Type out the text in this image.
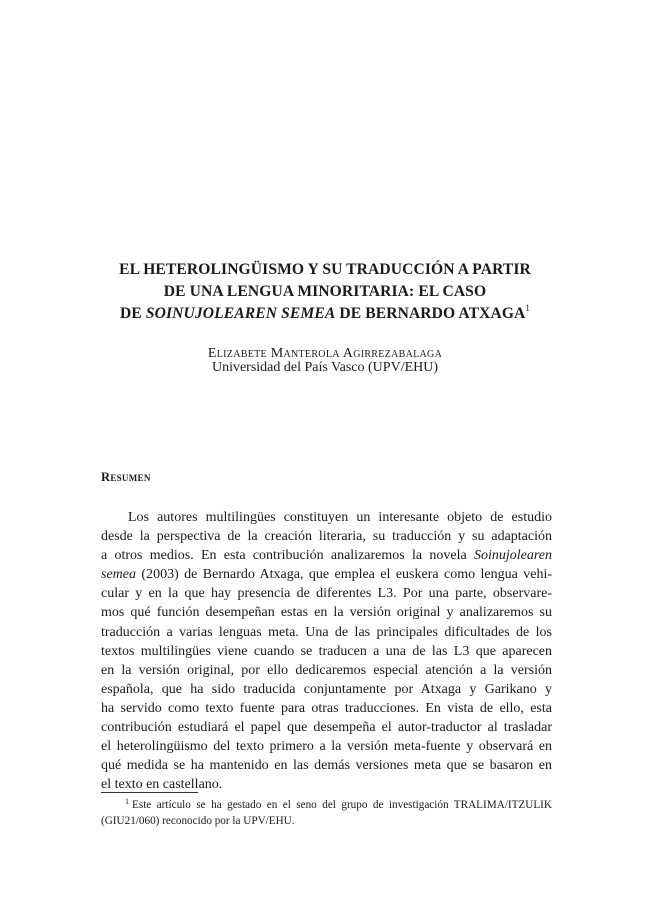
EL HETEROLINGÜISMO Y SU TRADUCCIÓN A PARTIR
DE UNA LENGUA MINORITARIA: EL CASO
DE SOINUJOLEAREN SEMEA DE BERNARDO ATXAGA$^1$
Elizabete Manterola Agirrezabalaga
Universidad del País Vasco (UPV/EHU)
Resumen
Los autores multilingües constituyen un interesante objeto de estudio
desde la perspectiva de la creación literaria, su traducción y su adaptación
a otros medios. En esta contribución analizaremos la novela Soinujolearen
semea (2003) de Bernardo Atxaga, que emplea el euskera como lengua vehi-
cular y en la que hay presencia de diferentes L3. Por una parte, observare-
mos qué función desempeñan estas en la versión original y analizaremos su
traducción a varias lenguas meta. Una de las principales dificultades de los
textos multilingües viene cuando se traducen a una de las L3 que aparecen
en la versión original, por ello dedicaremos especial atención a la versión
española, que ha sido traducida conjuntamente por Atxaga y Garikano y
ha servido como texto fuente para otras traducciones. En vista de ello, esta
contribución estudiará el papel que desempeña el autor-traductor al trasladar
el heterolingüismo del texto primero a la versión meta-fuente y observará en
qué medida se ha mantenido en las demás versiones meta que se basaron en
el texto en castellano.
$^1$ Este artículo se ha gestado en el seno del grupo de investigación TRALIMA/ITZULIK
(GIU21/060) reconocido por la UPV/EHU.
